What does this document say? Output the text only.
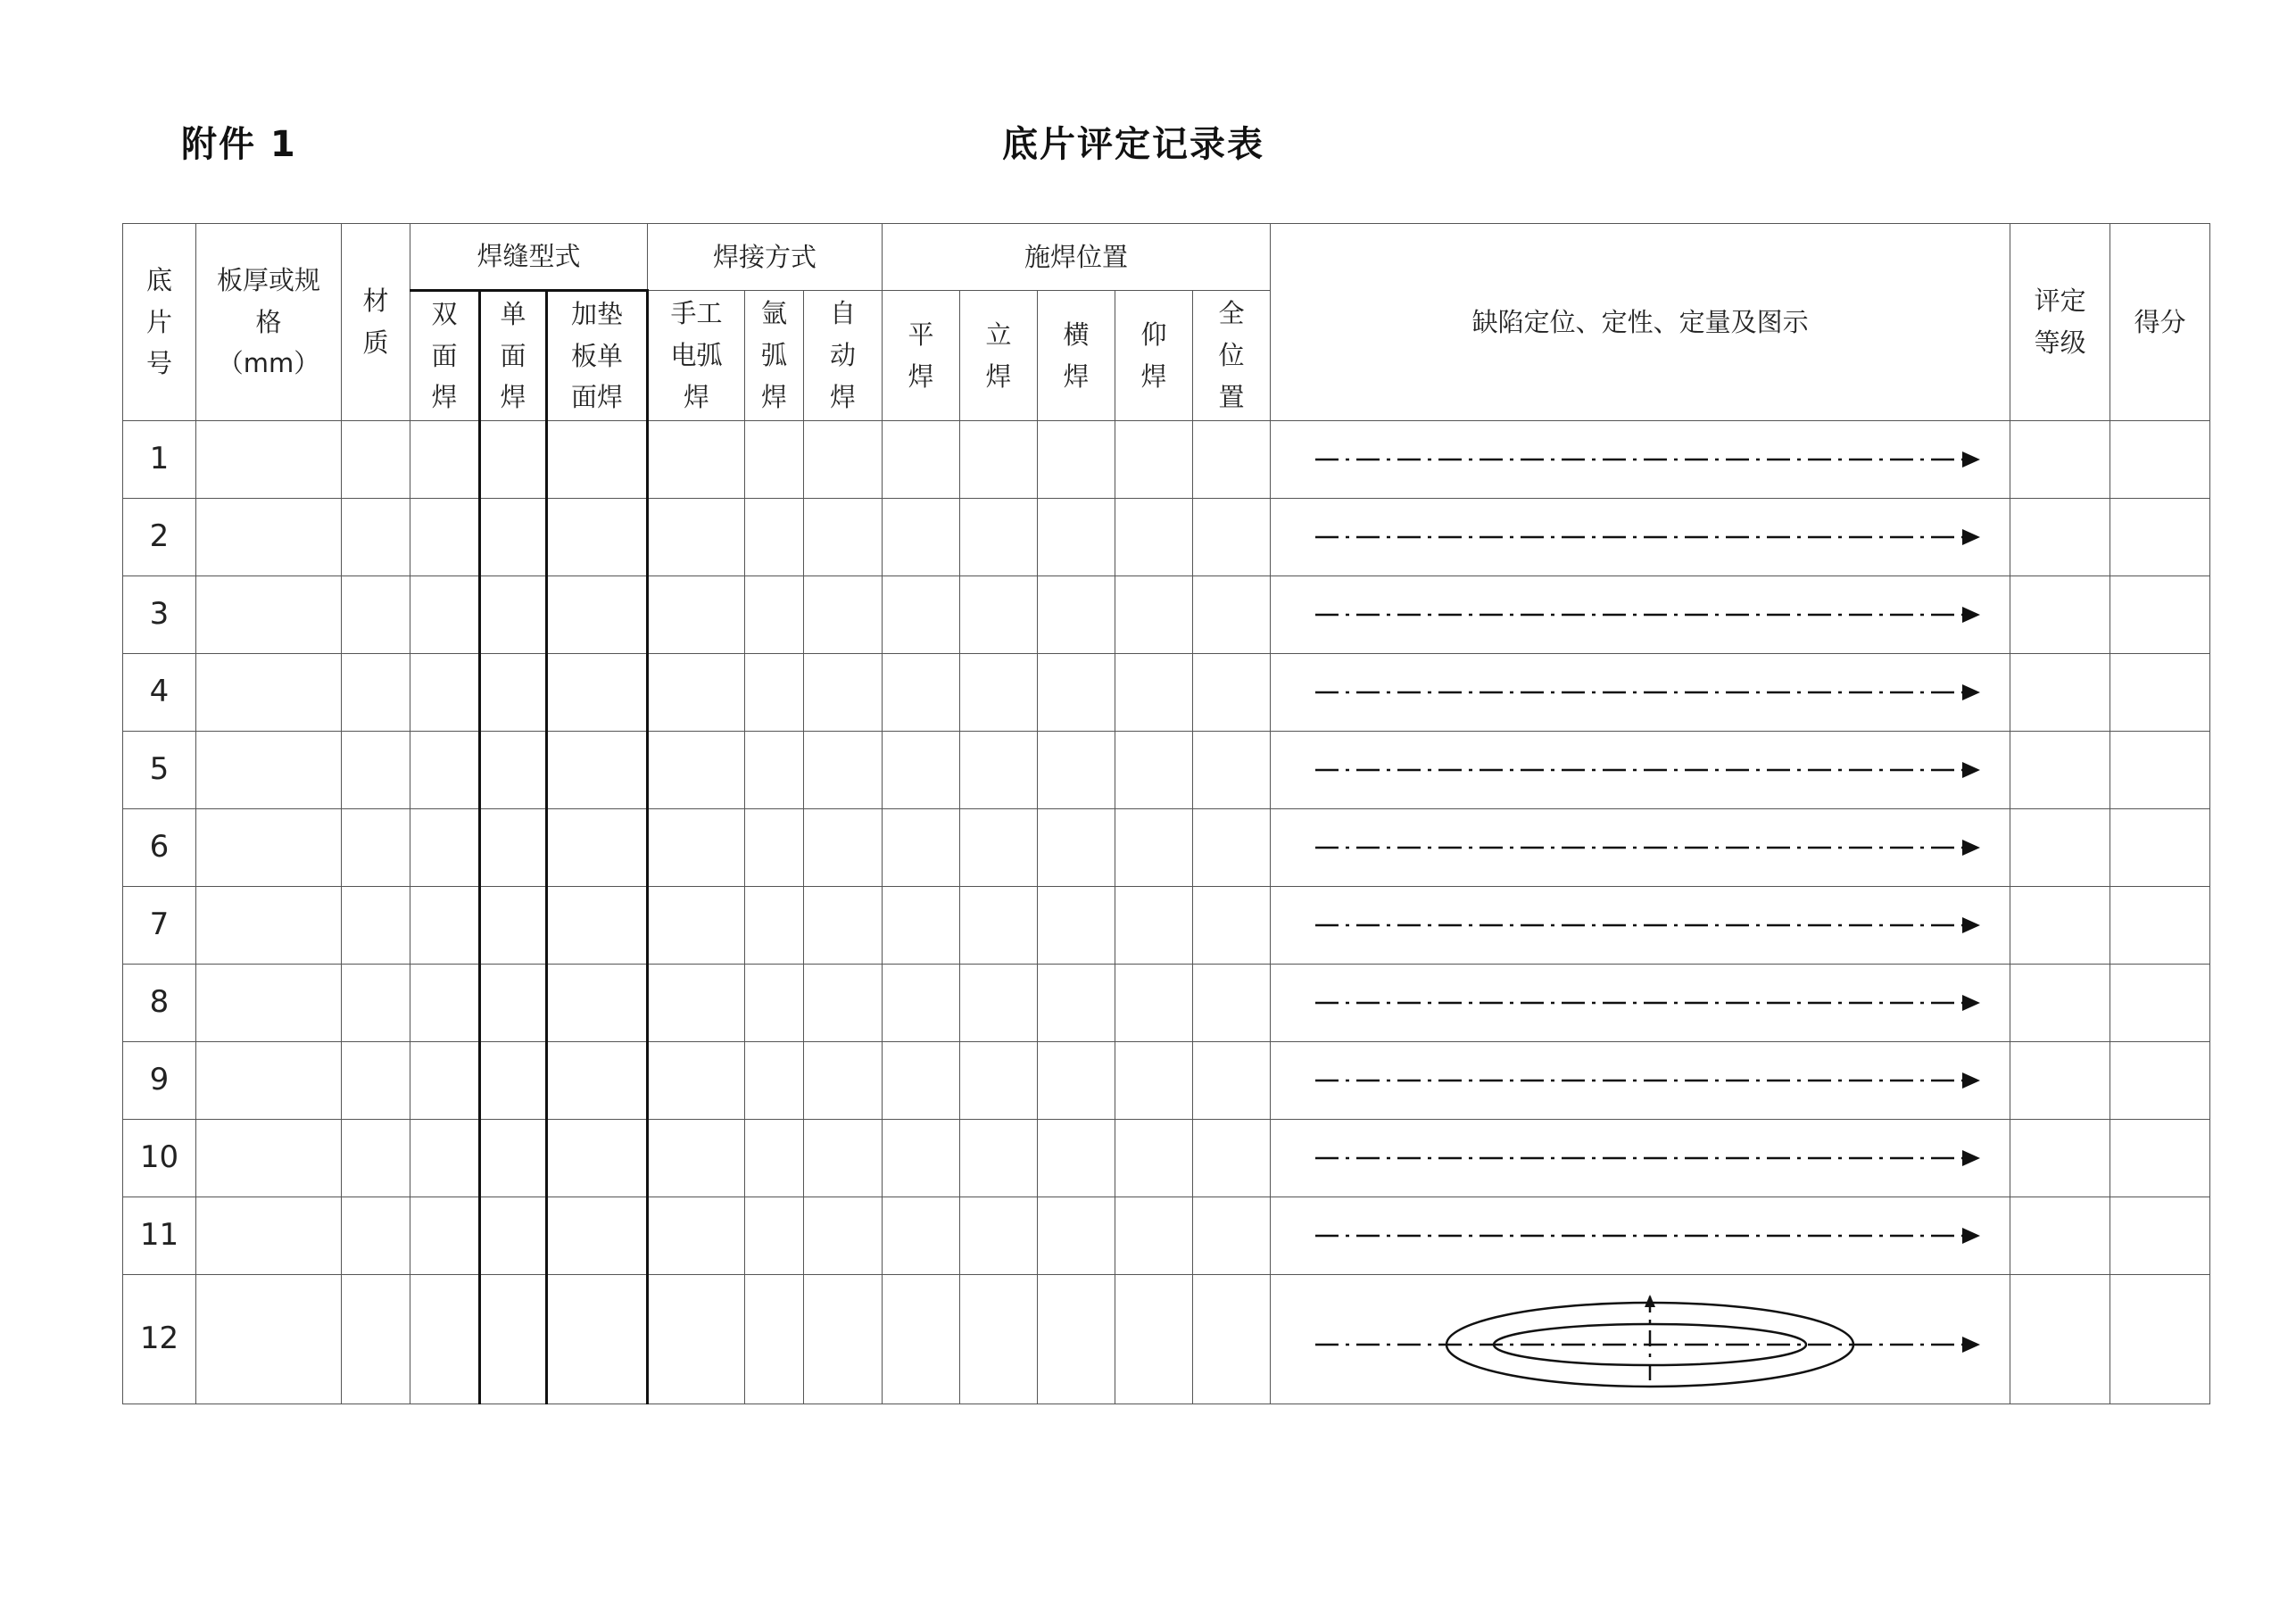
附件 1	底片评定记录表
底片号	板厚或规格（mm）	材质	焊缝型式			焊接方式			施焊位置					缺陷定位、定性、定量及图示	评定等级	得分
			双面焊	单面焊	加垫板单面焊	手工电弧焊	氩弧焊	自动焊	平焊	立焊	横焊	仰焊	全位置			
1														

2														

3														

4														

5														

6														

7														

8														

9														

10														

11														

12														
